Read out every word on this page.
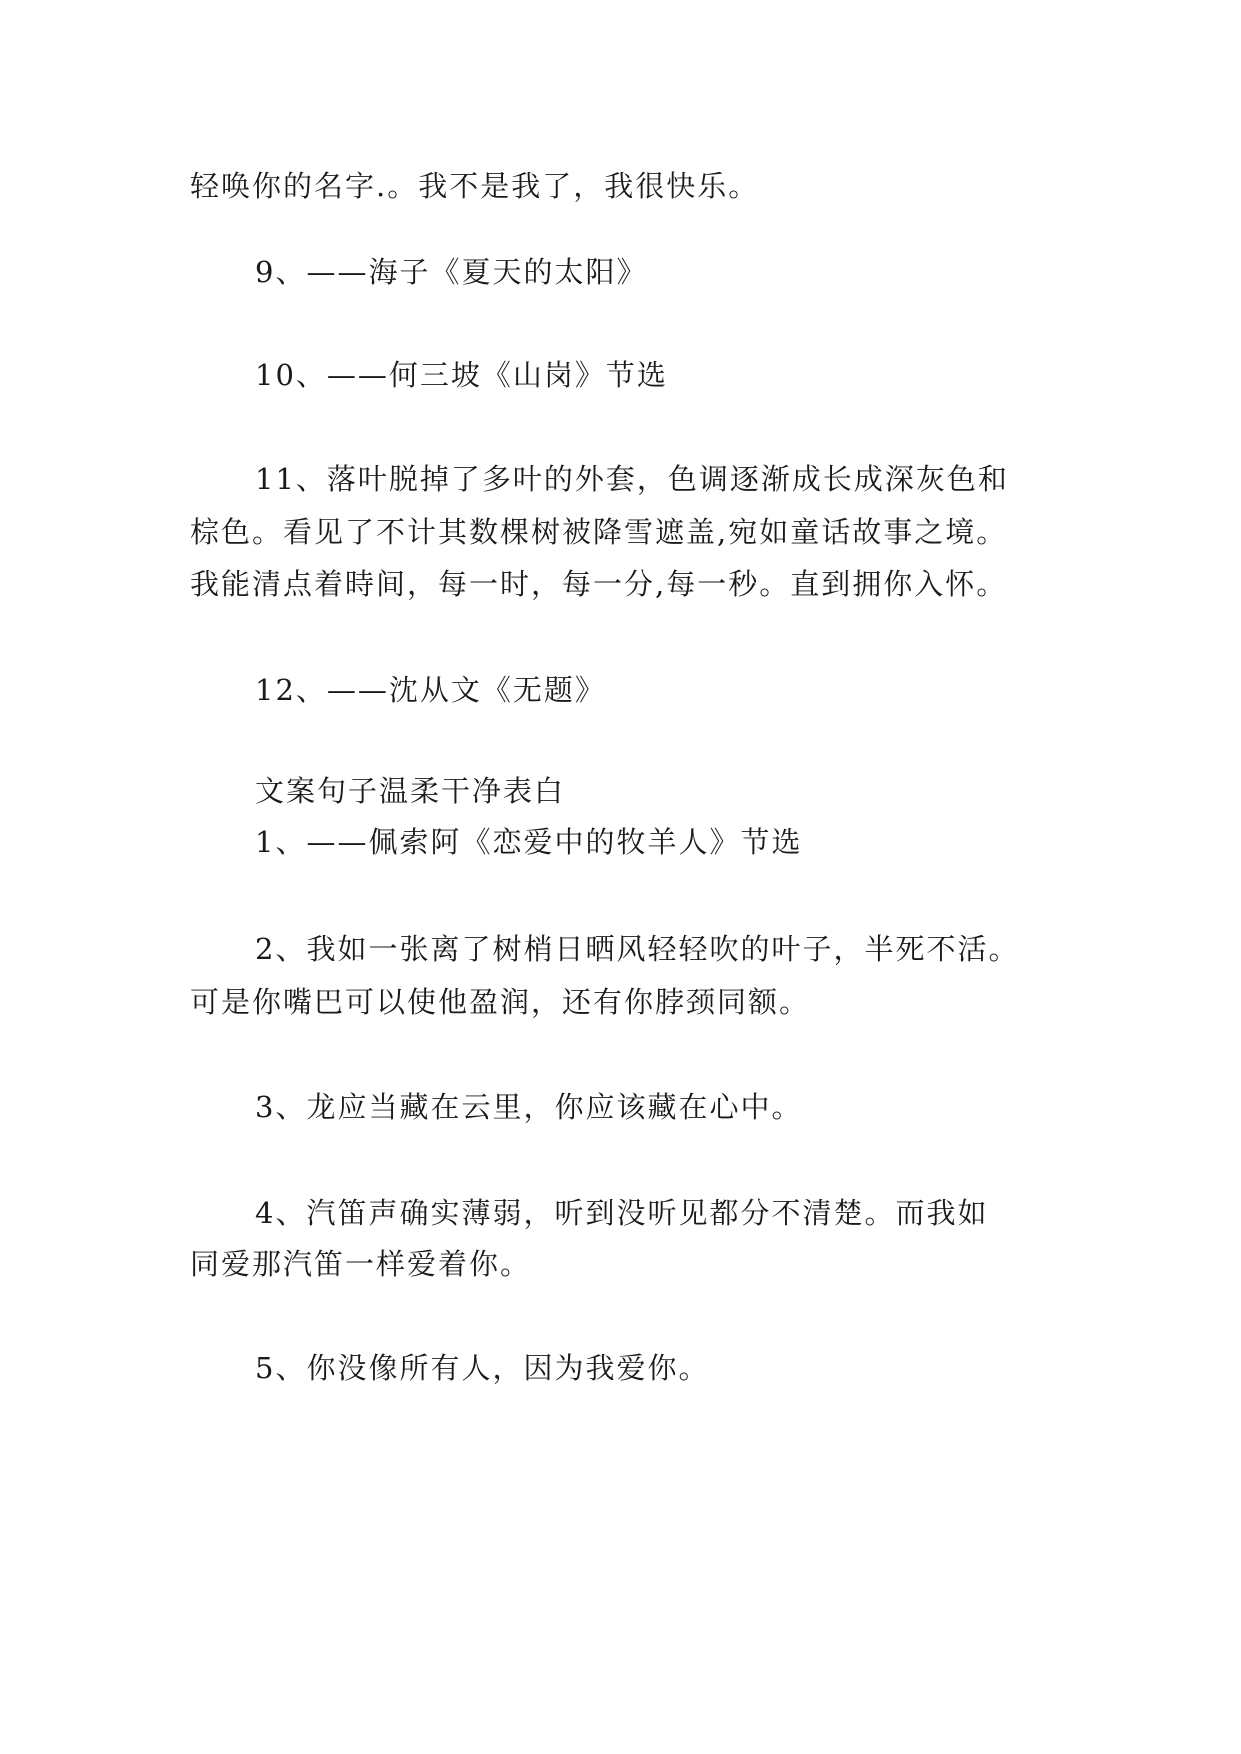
轻唤你的名字.。我不是我了，我很快乐。
9、——海子《夏天的太阳》
10、——何三坡《山岗》节选
11、落叶脱掉了多叶的外套，色调逐渐成长成深灰色和
棕色。看见了不计其数棵树被降雪遮盖,宛如童话故事之境。
我能清点着時间，每一时，每一分,每一秒。直到拥你入怀。
12、——沈从文《无题》
文案句子温柔干净表白
1、——佩索阿《恋爱中的牧羊人》节选
2、我如一张离了树梢日晒风轻轻吹的叶子，半死不活。
可是你嘴巴可以使他盈润，还有你脖颈同额。
3、龙应当藏在云里，你应该藏在心中。
4、汽笛声确实薄弱，听到没听见都分不清楚。而我如
同爱那汽笛一样爱着你。
5、你没像所有人，因为我爱你。
